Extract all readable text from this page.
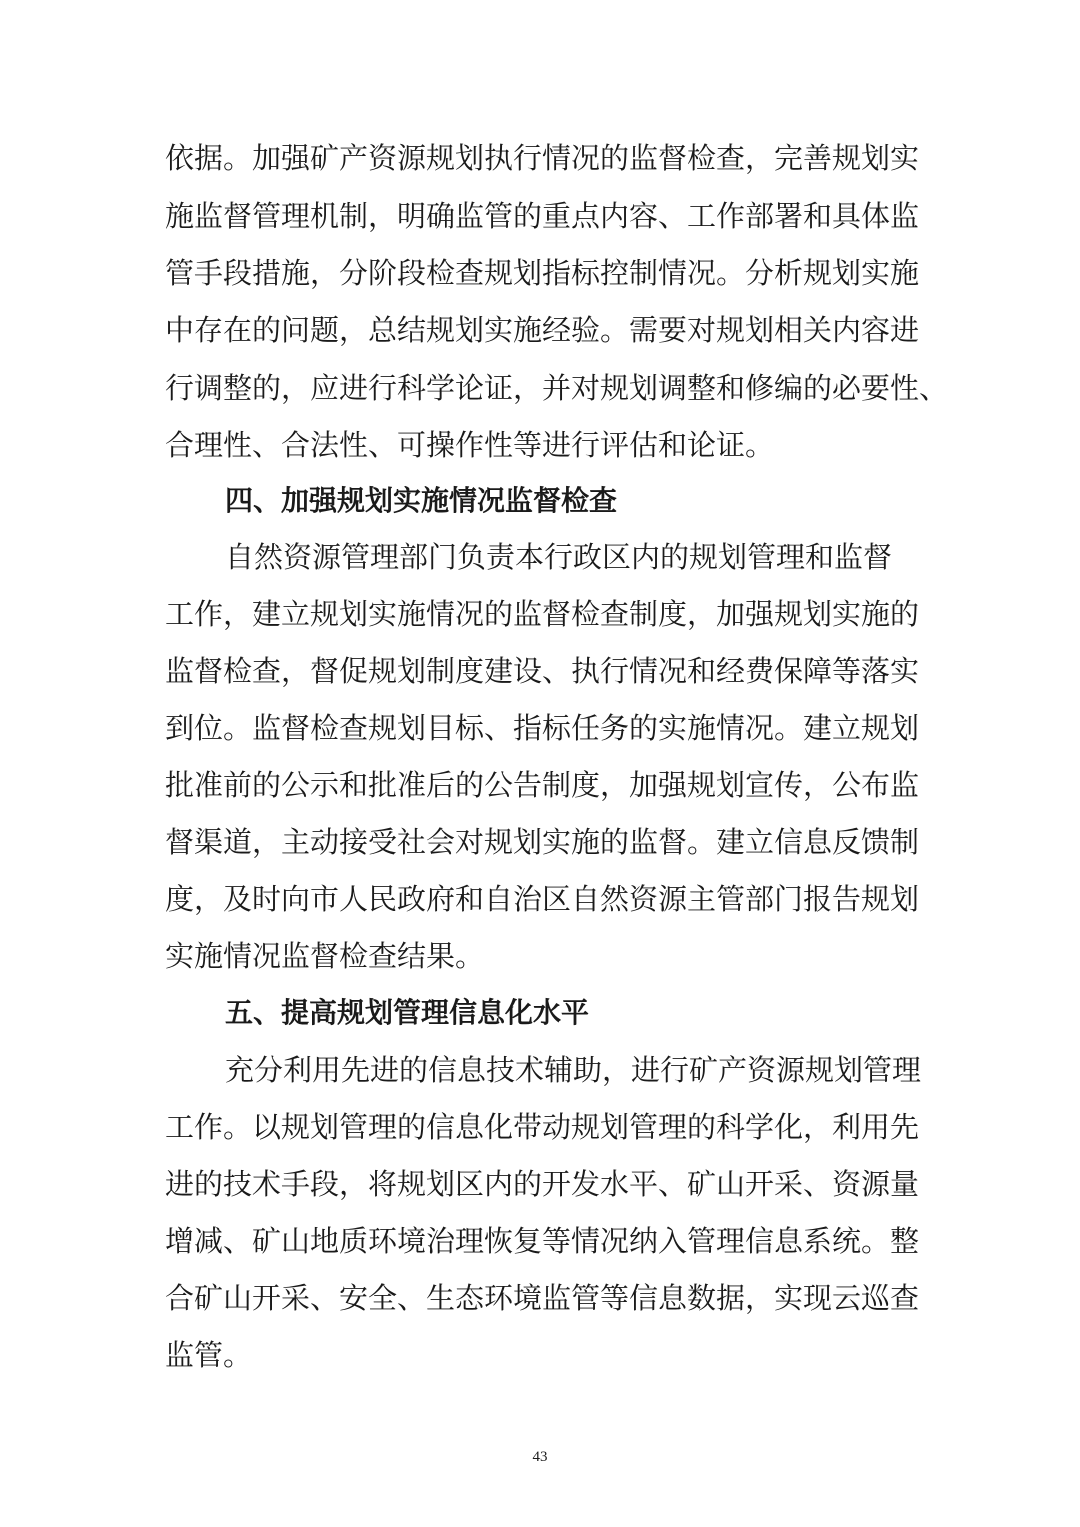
依据。加强矿产资源规划执行情况的监督检查，完善规划实
施监督管理机制，明确监管的重点内容、工作部署和具体监
管手段措施，分阶段检查规划指标控制情况。分析规划实施
中存在的问题，总结规划实施经验。需要对规划相关内容进
行调整的，应进行科学论证，并对规划调整和修编的必要性、
合理性、合法性、可操作性等进行评估和论证。
四、加强规划实施情况监督检查
自然资源管理部门负责本行政区内的规划管理和监督
工作，建立规划实施情况的监督检查制度，加强规划实施的
监督检查，督促规划制度建设、执行情况和经费保障等落实
到位。监督检查规划目标、指标任务的实施情况。建立规划
批准前的公示和批准后的公告制度，加强规划宣传，公布监
督渠道，主动接受社会对规划实施的监督。建立信息反馈制
度，及时向市人民政府和自治区自然资源主管部门报告规划
实施情况监督检查结果。
五、提高规划管理信息化水平
充分利用先进的信息技术辅助，进行矿产资源规划管理
工作。以规划管理的信息化带动规划管理的科学化，利用先
进的技术手段，将规划区内的开发水平、矿山开采、资源量
增减、矿山地质环境治理恢复等情况纳入管理信息系统。整
合矿山开采、安全、生态环境监管等信息数据，实现云巡查
监管。
43
